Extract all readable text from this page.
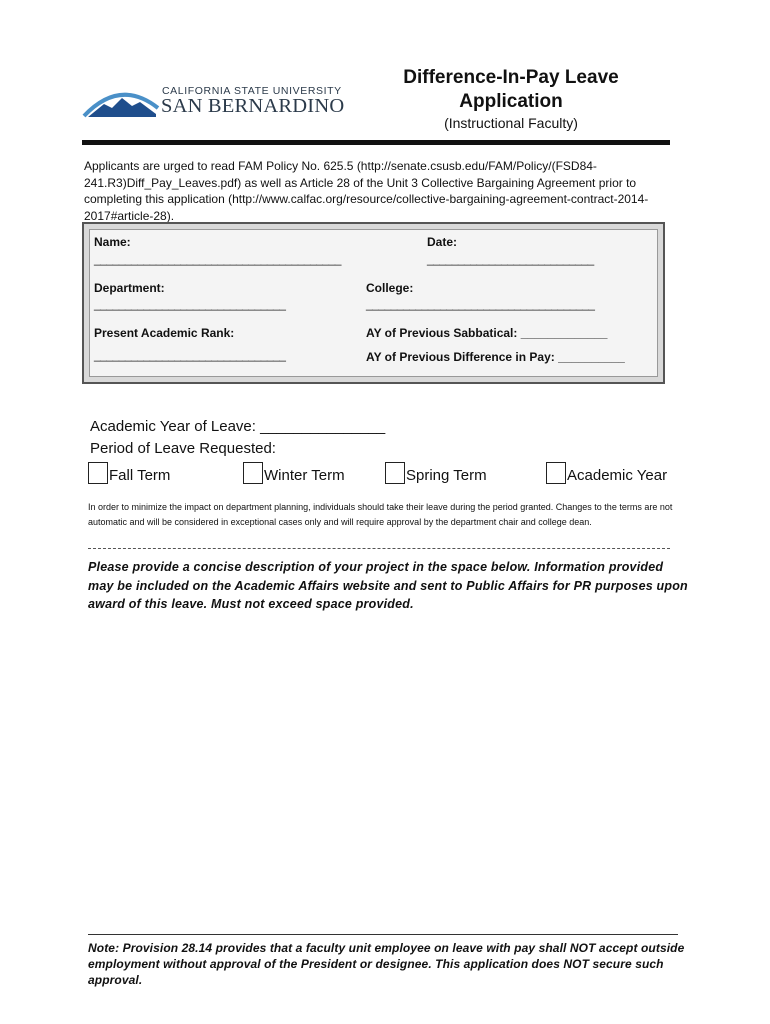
CALIFORNIA STATE UNIVERSITY
SAN BERNARDINO
Difference-In-Pay Leave
Application
(Instructional Faculty)
Applicants are urged to read FAM Policy No. 625.5 (http://senate.csusb.edu/FAM/Policy/(FSD84-241.R3)Diff_Pay_Leaves.pdf) as well as Article 28 of the Unit 3 Collective Bargaining Agreement prior to completing this application (http://www.calfac.org/resource/collective-bargaining-agreement-contract-2014-2017#article-28).
Name:
________________________________________
Date:
___________________________
Department:
_______________________________
College:
_____________________________________
Present Academic Rank:
_______________________________
AY of Previous Sabbatical: _____________
AY of Previous Difference in Pay: __________
Academic Year of Leave: _______________
Period of Leave Requested:
Fall Term	Winter Term	Spring Term	Academic Year
In order to minimize the impact on department planning, individuals should take their leave during the period granted. Changes to the terms are not automatic and will be considered in exceptional cases only and will require approval by the department chair and college dean.
Please provide a concise description of your project in the space below. Information provided may be included on the Academic Affairs website and sent to Public Affairs for PR purposes upon award of this leave. Must not exceed space provided.
Note: Provision 28.14 provides that a faculty unit employee on leave with pay shall NOT accept outside employment without approval of the President or designee. This application does NOT secure such approval.
